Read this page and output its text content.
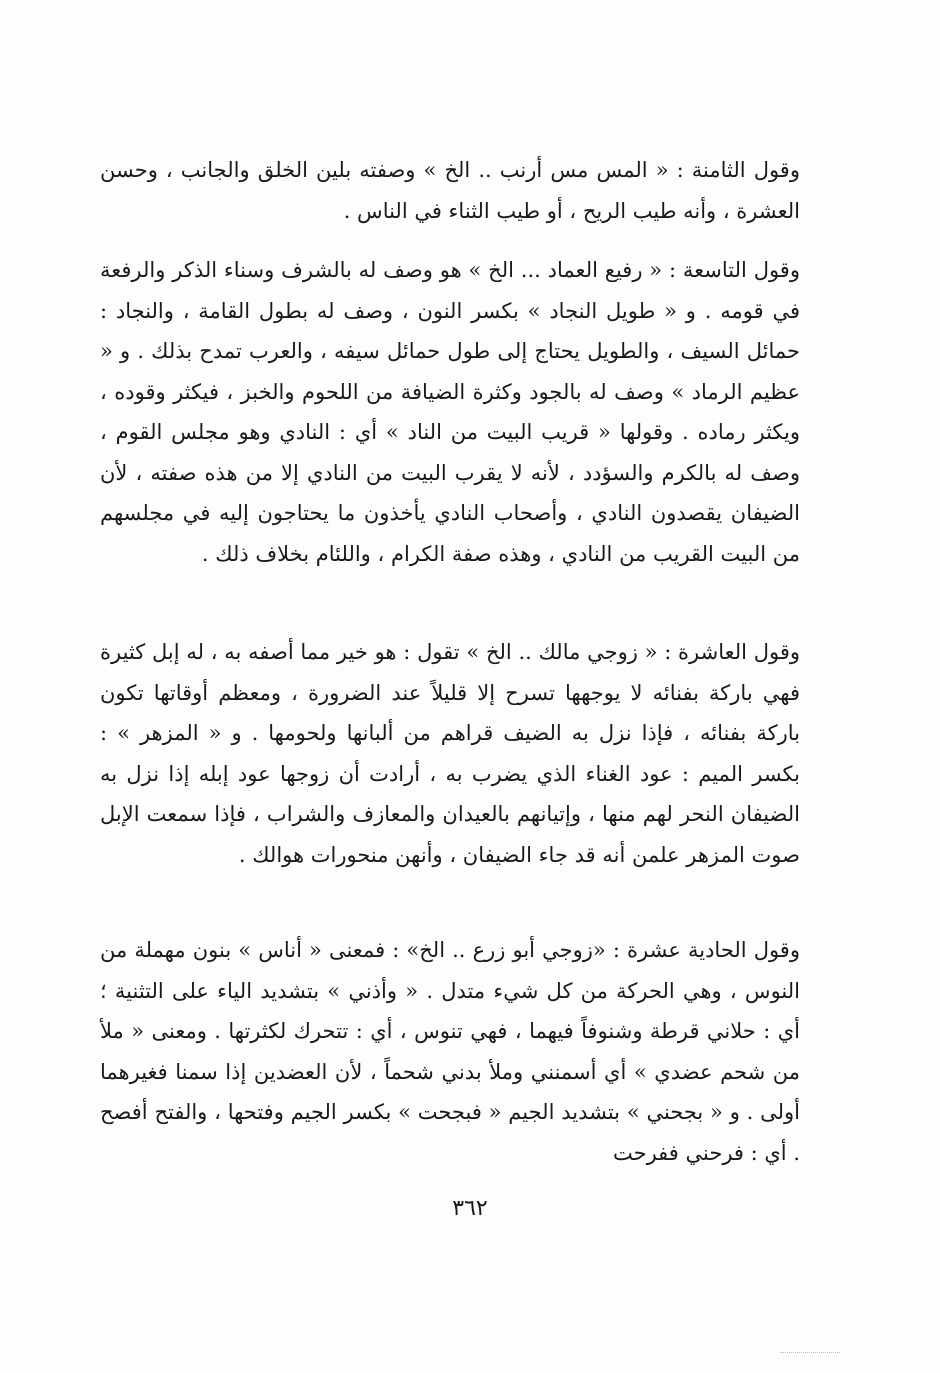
وقول الثامنة : « المس مس أرنب .. الخ » وصفته بلين الخلق والجانب ، وحسن العشرة ، وأنه طيب الريح ، أو طيب الثناء في الناس .

وقول التاسعة : « رفيع العماد ... الخ » هو وصف له بالشرف وسناء الذكر والرفعة في قومه . و « طويل النجاد » بكسر النون ، وصف له بطول القامة ، والنجاد : حمائل السيف ، والطويل يحتاج إلى طول حمائل سيفه ، والعرب تمدح بذلك . و « عظيم الرماد » وصف له بالجود وكثرة الضيافة من اللحوم والخبز ، فيكثر وقوده ، ويكثر رماده . وقولها « قريب البيت من الناد » أي : النادي وهو مجلس القوم ، وصف له بالكرم والسؤدد ، لأنه لا يقرب البيت من النادي إلا من هذه صفته ، لأن الضيفان يقصدون النادي ، وأصحاب النادي يأخذون ما يحتاجون إليه في مجلسهم من البيت القريب من النادي ، وهذه صفة الكرام ، واللئام بخلاف ذلك .

وقول العاشرة : « زوجي مالك .. الخ » تقول : هو خير مما أصفه به ، له إبل كثيرة فهي باركة بفنائه لا يوجهها تسرح إلا قليلاً عند الضرورة ، ومعظم أوقاتها تكون باركة بفنائه ، فإذا نزل به الضيف قراهم من ألبانها ولحومها . و « المزهر » : بكسر الميم : عود الغناء الذي يضرب به ، أرادت أن زوجها عود إبله إذا نزل به الضيفان النحر لهم منها ، وإتيانهم بالعيدان والمعازف والشراب ، فإذا سمعت الإبل صوت المزهر علمن أنه قد جاء الضيفان ، وأنهن منحورات هوالك .

وقول الحادية عشرة : «زوجي أبو زرع .. الخ» : فمعنى « أناس » بنون مهملة من النوس ، وهي الحركة من كل شيء متدل . « وأذني » بتشديد الياء على التثنية ؛ أي : حلاني قرطة وشنوفاً فيهما ، فهي تنوس ، أي : تتحرك لكثرتها . ومعنى « ملأ من شحم عضدي » أي أسمنني وملأ بدني شحماً ، لأن العضدين إذا سمنا فغيرهما أولى . و « بجحني » بتشديد الجيم « فبجحت » بكسر الجيم وفتحها ، والفتح أفصح . أي : فرحني ففرحت

٣٦٢
